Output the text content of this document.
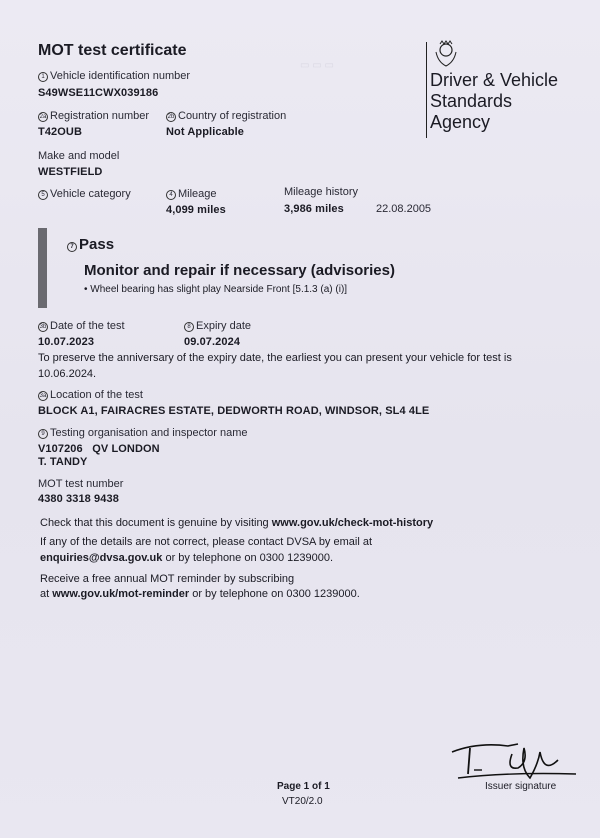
▭ ▭ ▭
MOT test certificate
Driver & Vehicle
Standards
Agency
1 Vehicle identification number
S49WSE11CWX039186
2a Registration number
T42OUB
2b Country of registration
Not Applicable
Make and model
WESTFIELD
5 Vehicle category	4 Mileage
4,099 miles
Mileage history
3,986 miles	22.08.2005
7 Pass
Monitor and repair if necessary (advisories)
• Wheel bearing has slight play Nearside Front [5.1.3 (a) (i)]
3b Date of the test
10.07.2023
8 Expiry date
09.07.2024
To preserve the anniversary of the expiry date, the earliest you can present your vehicle for test is
10.06.2024.
3a Location of the test
BLOCK A1, FAIRACRES ESTATE, DEDWORTH ROAD, WINDSOR, SL4 4LE
9 Testing organisation and inspector name
V107206   QV LONDON
T. TANDY
MOT test number
4380 3318 9438
Check that this document is genuine by visiting www.gov.uk/check-mot-history
If any of the details are not correct, please contact DVSA by email at
enquiries@dvsa.gov.uk or by telephone on 0300 1239000.
Receive a free annual MOT reminder by subscribing
at www.gov.uk/mot-reminder or by telephone on 0300 1239000.
Issuer signature
Page 1 of 1
VT20/2.0
